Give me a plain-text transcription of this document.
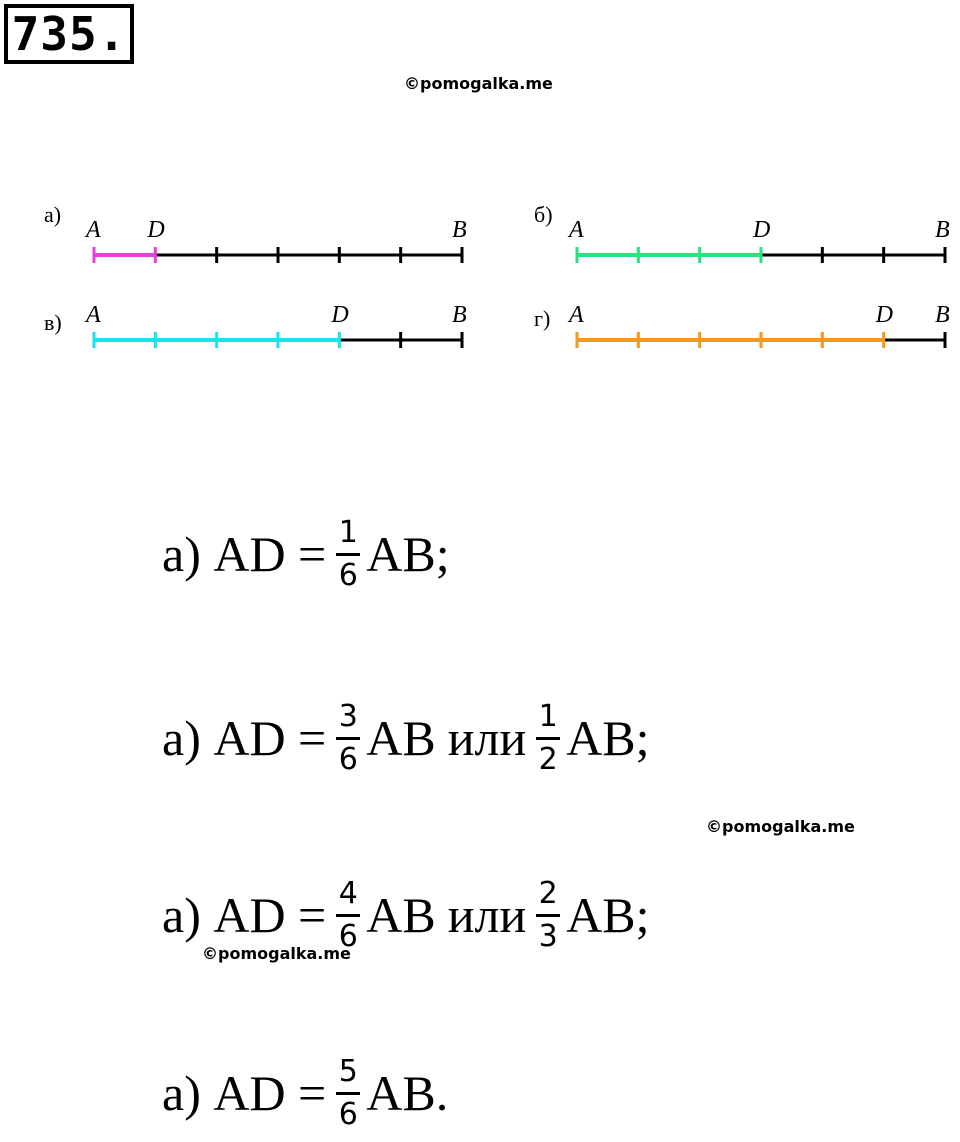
735.
©pomogalka.me
а)
A D	B
б)
A	D	B
в) A	D	B	г) A	D B
а) AD = $\frac{1}{6}$ AB;
а) AD = $\frac{3}{6}$ AB или $\frac{1}{2}$ AB;
©pomogalka.me
а) AD = $\frac{4}{6}$ AB или $\frac{2}{3}$ AB;
©pomogalka.me
а) AD = $\frac{5}{6}$ AB.
